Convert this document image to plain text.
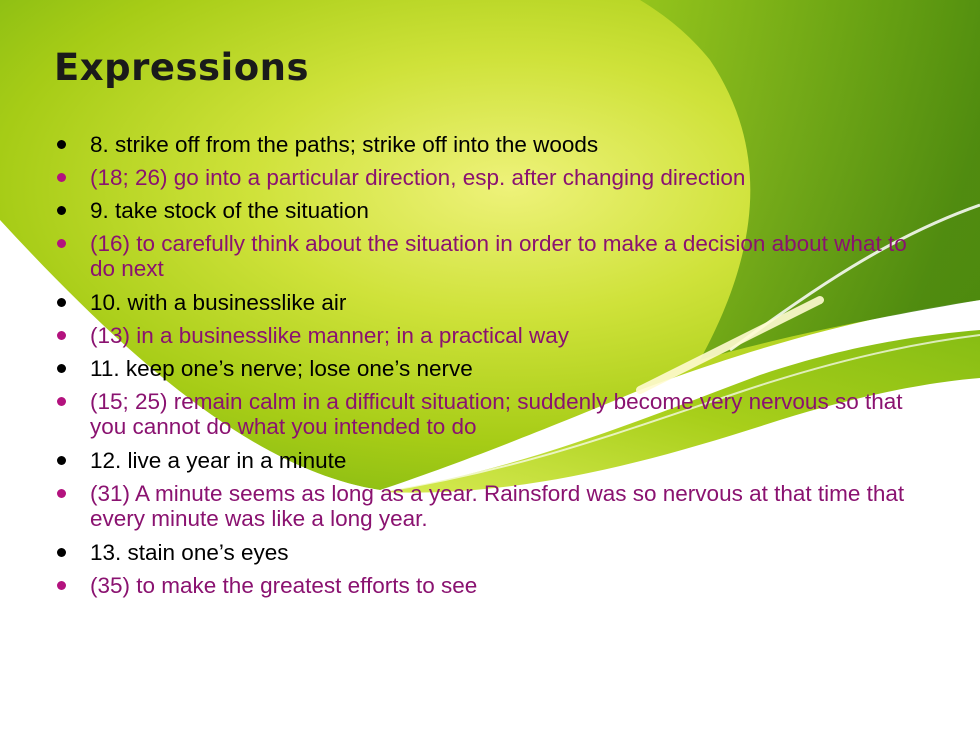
Expressions
8. strike off from the paths; strike off into the woods
(18; 26) go into a particular direction, esp. after changing direction
9. take stock of the situation
(16) to carefully think about the situation in order to make a decision about what to do next
10. with a businesslike air
(13) in a businesslike manner; in a practical way
11. keep one’s nerve; lose one’s nerve
(15; 25) remain calm in a difficult situation; suddenly become very nervous so that you cannot do what you intended to do
12. live a year in a minute
(31) A minute seems as long as a year. Rainsford was so nervous at that time that every minute was like a long year.
13. stain one’s eyes
(35) to make the greatest efforts to see
